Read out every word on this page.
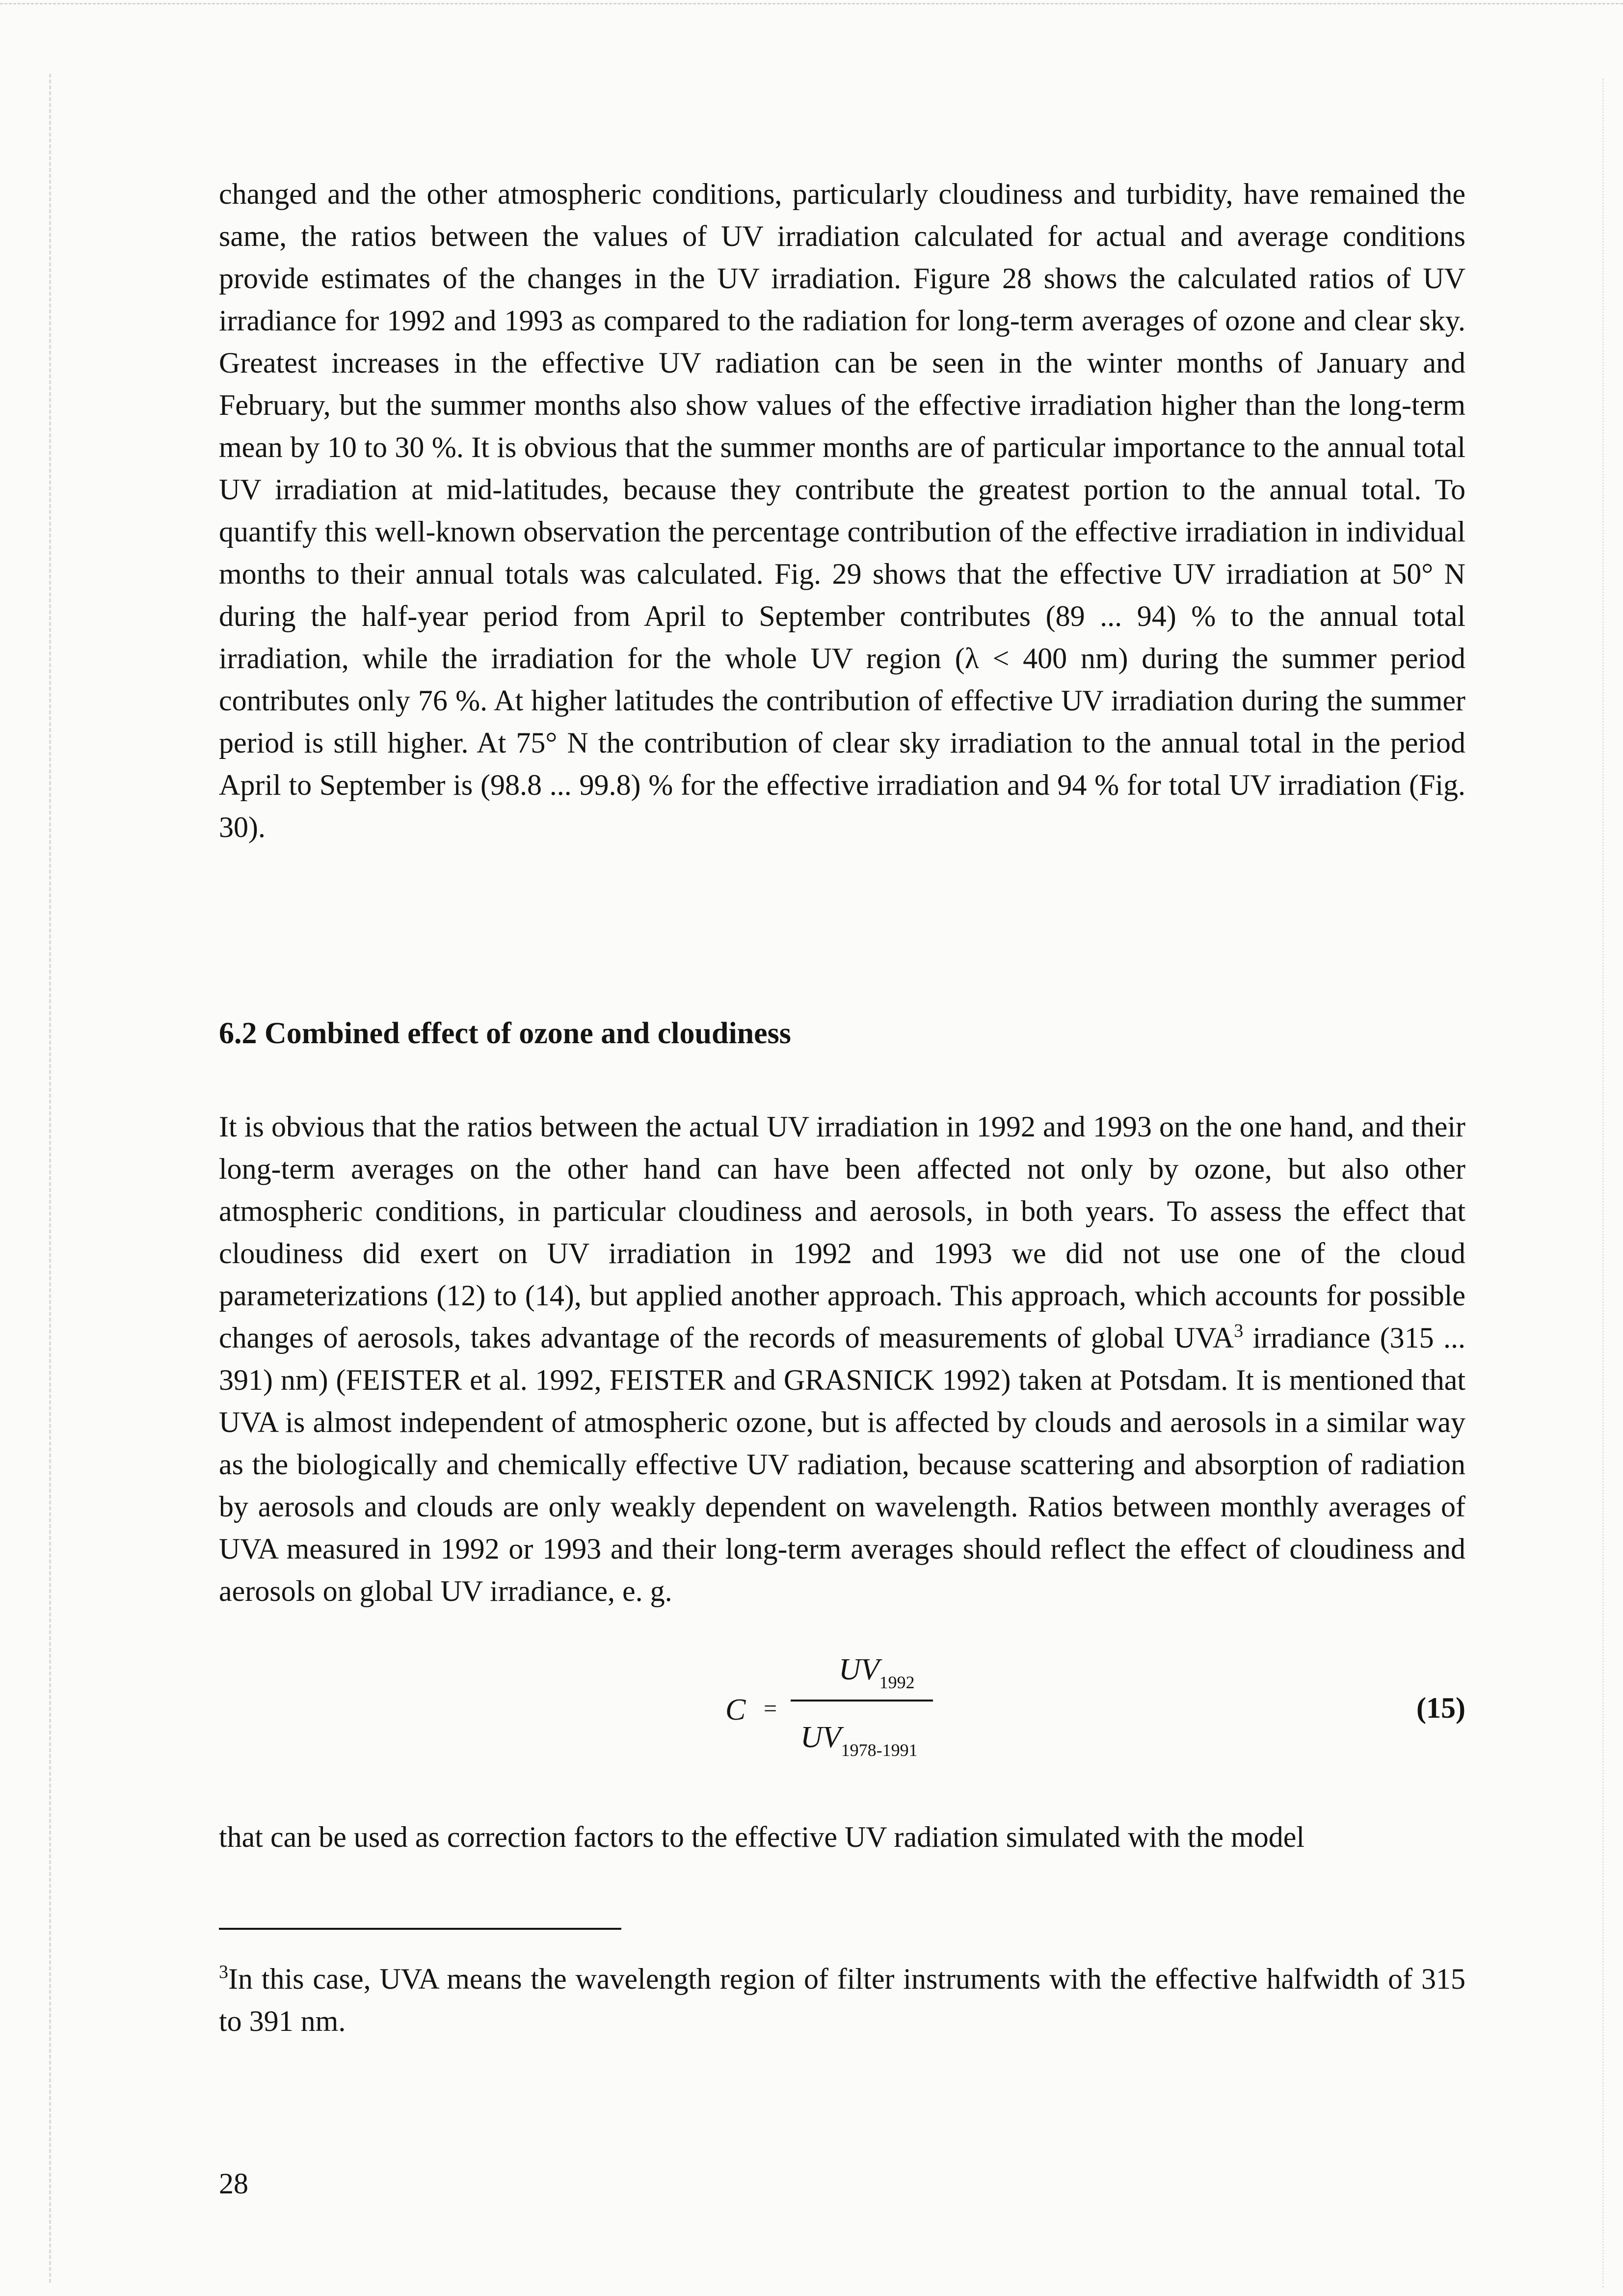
changed and the other atmospheric conditions, particularly cloudiness and turbidity, have remained the same, the ratios between the values of UV irradiation calculated for actual and average conditions provide estimates of the changes in the UV irradiation. Figure 28 shows the calculated ratios of UV irradiance for 1992 and 1993 as compared to the radiation for long-term averages of ozone and clear sky. Greatest increases in the effective UV radiation can be seen in the winter months of January and February, but the summer months also show values of the effective irradiation higher than the long-term mean by 10 to 30 %. It is obvious that the summer months are of particular importance to the annual total UV irradiation at mid-latitudes, because they contribute the greatest portion to the annual total. To quantify this well-known observation the percentage contribution of the effective irradiation in individual months to their annual totals was calculated. Fig. 29 shows that the effective UV irradiation at 50° N during the half-year period from April to September contributes (89 ... 94) % to the annual total irradiation, while the irradiation for the whole UV region (λ < 400 nm) during the summer period contributes only 76 %. At higher latitudes the contribution of effective UV irradiation during the summer period is still higher. At 75° N the contribution of clear sky irradiation to the annual total in the period April to September is (98.8 ... 99.8) % for the effective irradiation and 94 % for total UV irradiation (Fig. 30).

6.2 Combined effect of ozone and cloudiness

It is obvious that the ratios between the actual UV irradiation in 1992 and 1993 on the one hand, and their long-term averages on the other hand can have been affected not only by ozone, but also other atmospheric conditions, in particular cloudiness and aerosols, in both years. To assess the effect that cloudiness did exert on UV irradiation in 1992 and 1993 we did not use one of the cloud parameterizations (12) to (14), but applied another approach. This approach, which accounts for possible changes of aerosols, takes advantage of the records of measurements of global UVA$^3$ irradiance (315 ... 391) nm) (FEISTER et al. 1992, FEISTER and GRASNICK 1992) taken at Potsdam. It is mentioned that UVA is almost independent of atmospheric ozone, but is affected by clouds and aerosols in a similar way as the biologically and chemically effective UV radiation, because scattering and absorption of radiation by aerosols and clouds are only weakly dependent on wavelength. Ratios between monthly averages of UVA measured in 1992 or 1993 and their long-term averages should reflect the effect of cloudiness and aerosols on global UV irradiance, e. g.

C =
$UV_{1992}$
$UV_{1978-1991}$
(15)

that can be used as correction factors to the effective UV radiation simulated with the model

$^3$In this case, UVA means the wavelength region of filter instruments with the effective halfwidth of 315 to 391 nm.

28
